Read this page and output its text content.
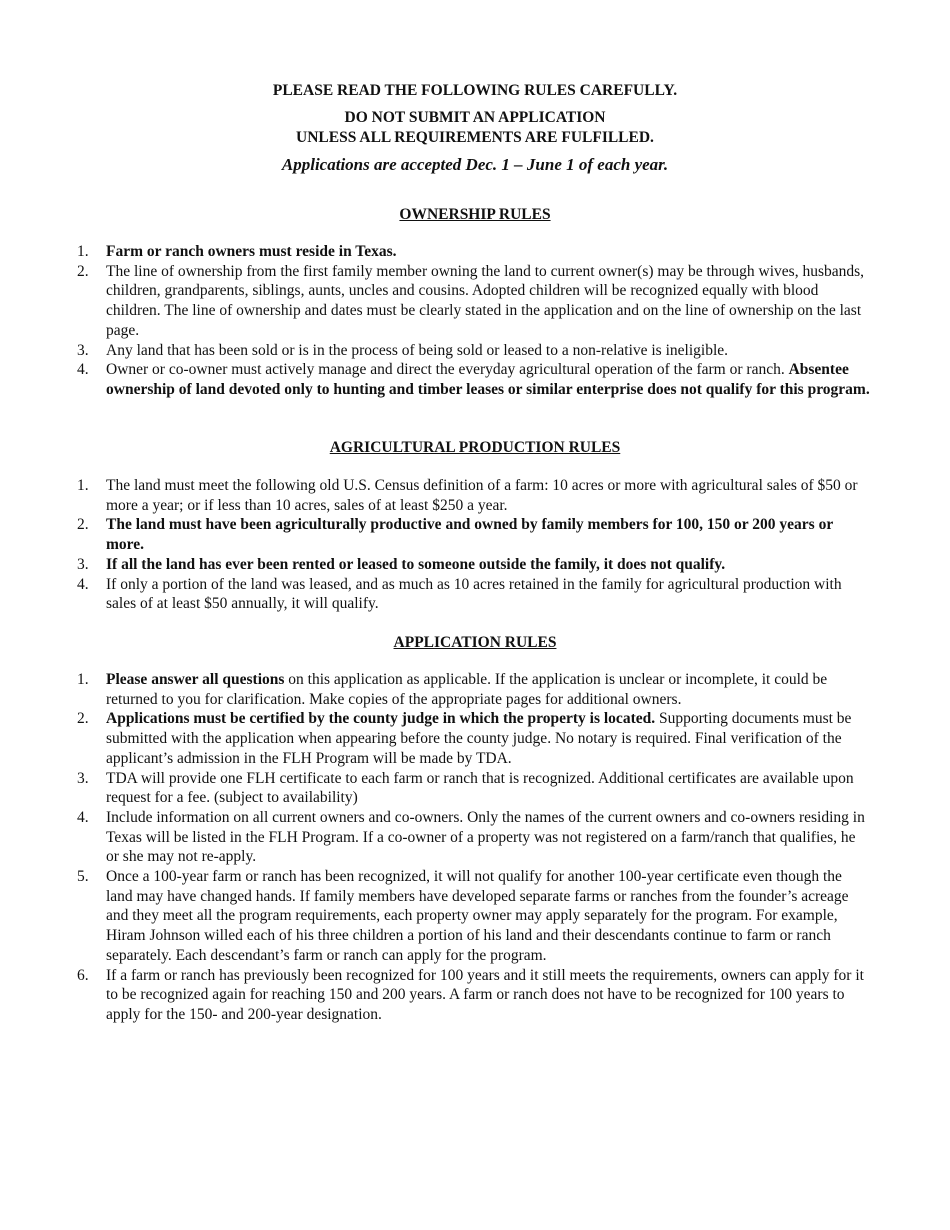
PLEASE READ THE FOLLOWING RULES CAREFULLY.

DO NOT SUBMIT AN APPLICATION

UNLESS ALL REQUIREMENTS ARE FULFILLED.

Applications are accepted Dec. 1 – June 1 of each year.

OWNERSHIP RULES

1. Farm or ranch owners must reside in Texas.
2. The line of ownership from the first family member owning the land to current owner(s) may be through wives, husbands, children, grandparents, siblings, aunts, uncles and cousins. Adopted children will be recognized equally with blood children. The line of ownership and dates must be clearly stated in the application and on the line of ownership on the last page.
3. Any land that has been sold or is in the process of being sold or leased to a non-relative is ineligible.
4. Owner or co-owner must actively manage and direct the everyday agricultural operation of the farm or ranch. Absentee ownership of land devoted only to hunting and timber leases or similar enterprise does not qualify for this program.

AGRICULTURAL PRODUCTION RULES

1. The land must meet the following old U.S. Census definition of a farm: 10 acres or more with agricultural sales of $50 or more a year; or if less than 10 acres, sales of at least $250 a year.
2. The land must have been agriculturally productive and owned by family members for 100, 150 or 200 years or more.
3. If all the land has ever been rented or leased to someone outside the family, it does not qualify.
4. If only a portion of the land was leased, and as much as 10 acres retained in the family for agricultural production with sales of at least $50 annually, it will qualify.

APPLICATION RULES

1. Please answer all questions on this application as applicable. If the application is unclear or incomplete, it could be returned to you for clarification. Make copies of the appropriate pages for additional owners.
2. Applications must be certified by the county judge in which the property is located. Supporting documents must be submitted with the application when appearing before the county judge. No notary is required. Final verification of the applicant’s admission in the FLH Program will be made by TDA.
3. TDA will provide one FLH certificate to each farm or ranch that is recognized. Additional certificates are available upon request for a fee. (subject to availability)
4. Include information on all current owners and co-owners. Only the names of the current owners and co-owners residing in Texas will be listed in the FLH Program. If a co-owner of a property was not registered on a farm/ranch that qualifies, he or she may not re-apply.
5. Once a 100-year farm or ranch has been recognized, it will not qualify for another 100-year certificate even though the land may have changed hands. If family members have developed separate farms or ranches from the founder’s acreage and they meet all the program requirements, each property owner may apply separately for the program. For example, Hiram Johnson willed each of his three children a portion of his land and their descendants continue to farm or ranch separately. Each descendant’s farm or ranch can apply for the program.
6. If a farm or ranch has previously been recognized for 100 years and it still meets the requirements, owners can apply for it to be recognized again for reaching 150 and 200 years. A farm or ranch does not have to be recognized for 100 years to apply for the 150- and 200-year designation.
